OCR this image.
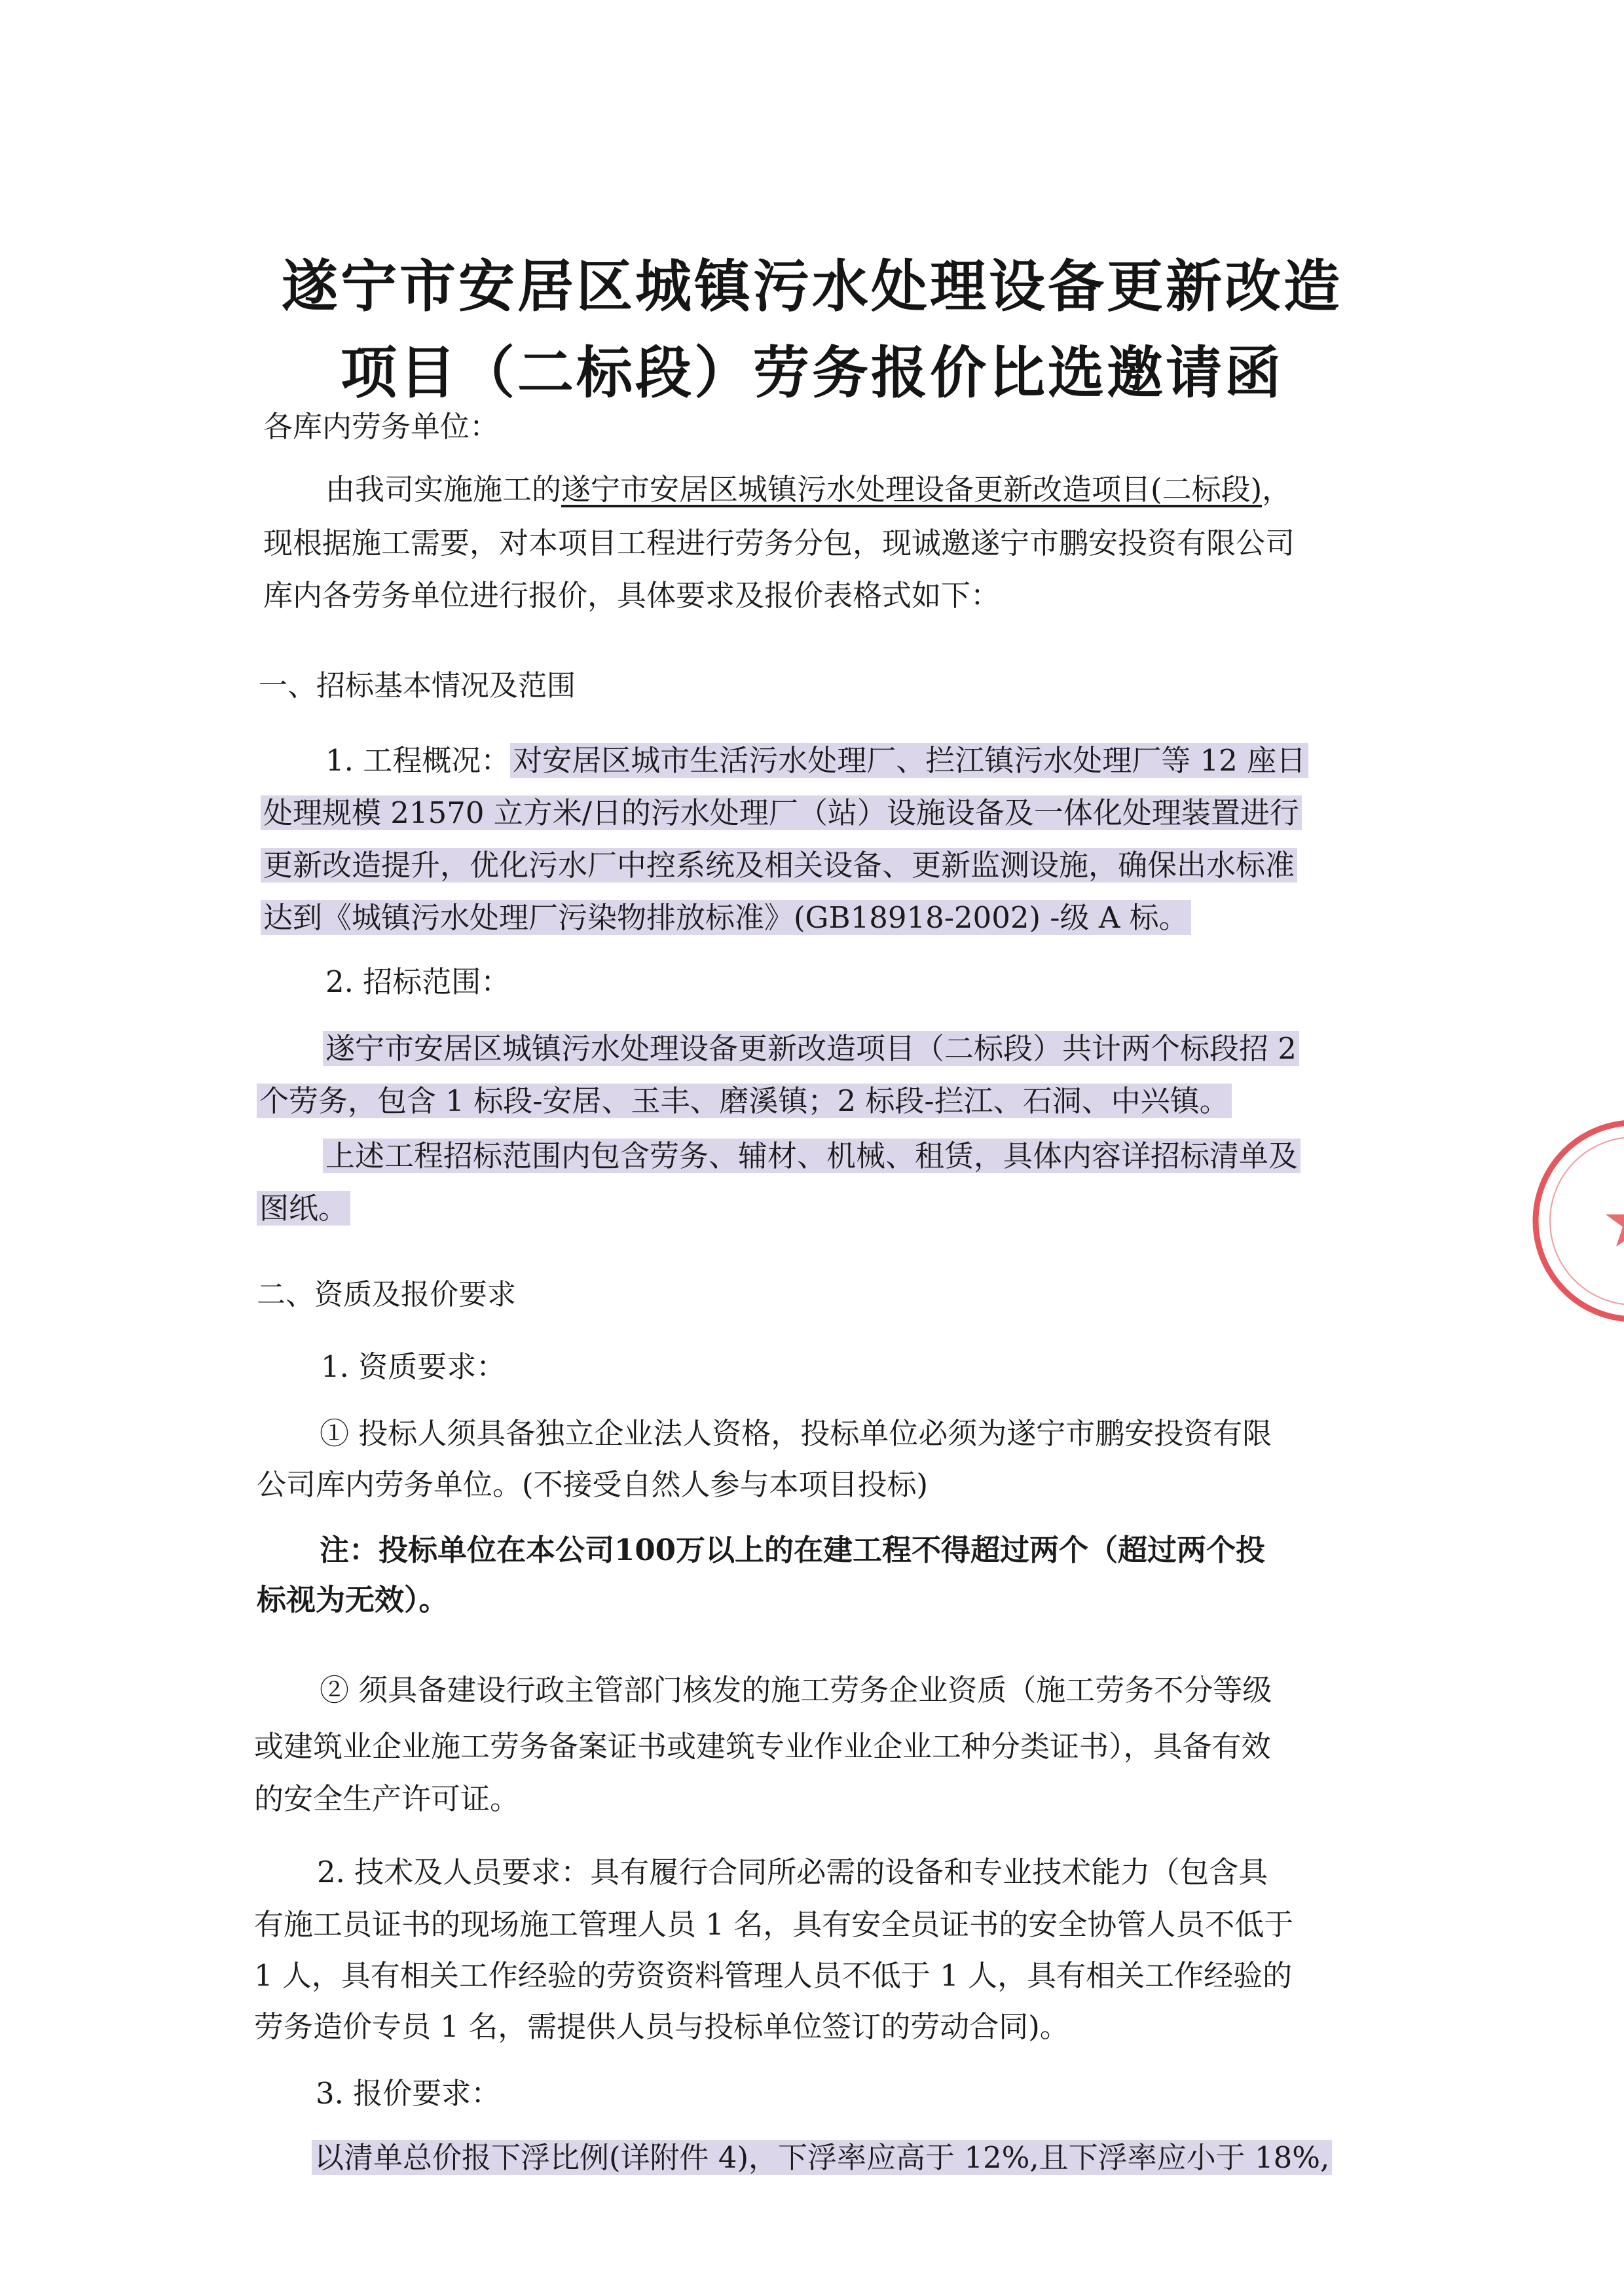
遂宁市安居区城镇污水处理设备更新改造
项目（二标段）劳务报价比选邀请函

各库内劳务单位：

由我司实施施工的遂宁市安居区城镇污水处理设备更新改造项目(二标段)，

现根据施工需要，对本项目工程进行劳务分包，现诚邀遂宁市鹏安投资有限公司

库内各劳务单位进行报价，具体要求及报价表格式如下：

一、招标基本情况及范围

1. 工程概况：对安居区城市生活污水处理厂、拦江镇污水处理厂等 12 座日

处理规模 21570 立方米/日的污水处理厂（站）设施设备及一体化处理装置进行

更新改造提升，优化污水厂中控系统及相关设备、更新监测设施，确保出水标准

达到《城镇污水处理厂污染物排放标准》(GB18918-2002) -级 A 标。

2. 招标范围：

遂宁市安居区城镇污水处理设备更新改造项目（二标段）共计两个标段招 2

个劳务，包含 1 标段-安居、玉丰、磨溪镇；2 标段-拦江、石洞、中兴镇。

上述工程招标范围内包含劳务、辅材、机械、租赁，具体内容详招标清单及

图纸。

二、资质及报价要求

1. 资质要求：

① 投标人须具备独立企业法人资格，投标单位必须为遂宁市鹏安投资有限

公司库内劳务单位。(不接受自然人参与本项目投标)

注：投标单位在本公司100万以上的在建工程不得超过两个（超过两个投

标视为无效）。

② 须具备建设行政主管部门核发的施工劳务企业资质（施工劳务不分等级

或建筑业企业施工劳务备案证书或建筑专业作业企业工种分类证书），具备有效

的安全生产许可证。

2. 技术及人员要求：具有履行合同所必需的设备和专业技术能力（包含具

有施工员证书的现场施工管理人员 1 名，具有安全员证书的安全协管人员不低于

1 人，具有相关工作经验的劳资资料管理人员不低于 1 人，具有相关工作经验的

劳务造价专员 1 名，需提供人员与投标单位签订的劳动合同)。

3. 报价要求：

以清单总价报下浮比例(详附件 4)，下浮率应高于 12%,且下浮率应小于 18%,
